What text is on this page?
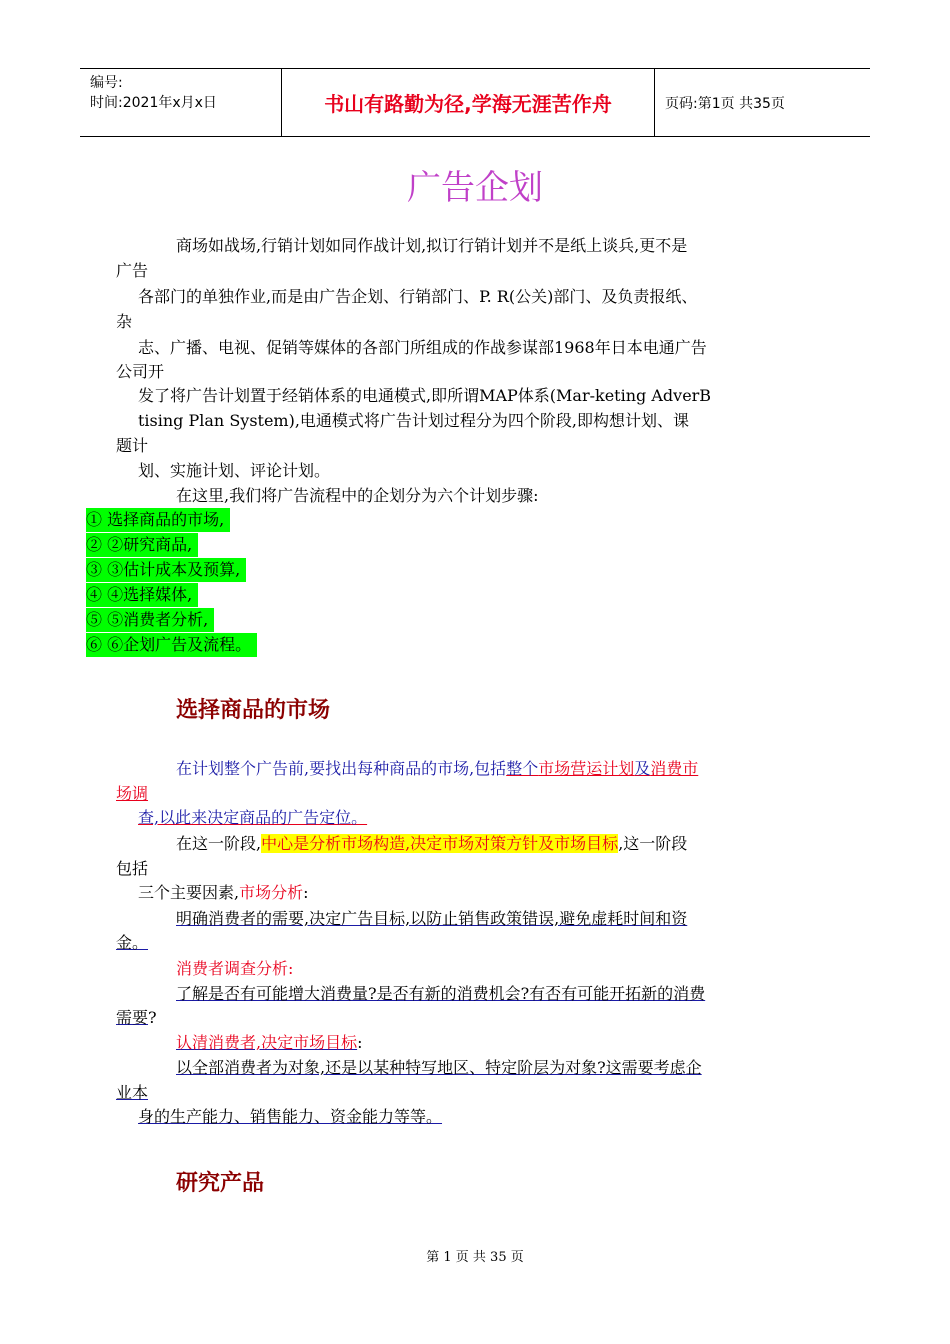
编号:
时间:2021年x月x日	书山有路勤为径,学海无涯苦作舟	页码:第1页 共35页
广告企划
商场如战场,行销计划如同作战计划,拟订行销计划并不是纸上谈兵,更不是
广告
各部门的单独作业,而是由广告企划、行销部门、P. R(公关)部门、及负责报纸、
杂
志、广播、电视、促销等媒体的各部门所组成的作战参谋部1968年日本电通广告
公司开
发了将广告计划置于经销体系的电通模式,即所谓MAP体系(Mar-keting AdverB
tising Plan System),电通模式将广告计划过程分为四个阶段,即构想计划、课
题计
划、实施计划、评论计划。
在这里,我们将广告流程中的企划分为六个计划步骤:
① 选择商品的市场,
② ②研究商品,
③ ③估计成本及预算,
④ ④选择媒体,
⑤ ⑤消费者分析,
⑥ ⑥企划广告及流程。
选择商品的市场
在计划整个广告前,要找出每种商品的市场,包括整个市场营运计划及消费市
场调
查,以此来决定商品的广告定位。
在这一阶段,中心是分析市场构造,决定市场对策方针及市场目标,这一阶段
包括
三个主要因素,市场分析:
明确消费者的需要,决定广告目标,以防止销售政策错误,避免虚耗时间和资
金。
消费者调查分析:
了解是否有可能增大消费量?是否有新的消费机会?有否有可能开拓新的消费
需要?
认清消费者,决定市场目标:
以全部消费者为对象,还是以某种特写地区、特定阶层为对象?这需要考虑企
业本
身的生产能力、销售能力、资金能力等等。
研究产品
第 1 页 共 35 页
